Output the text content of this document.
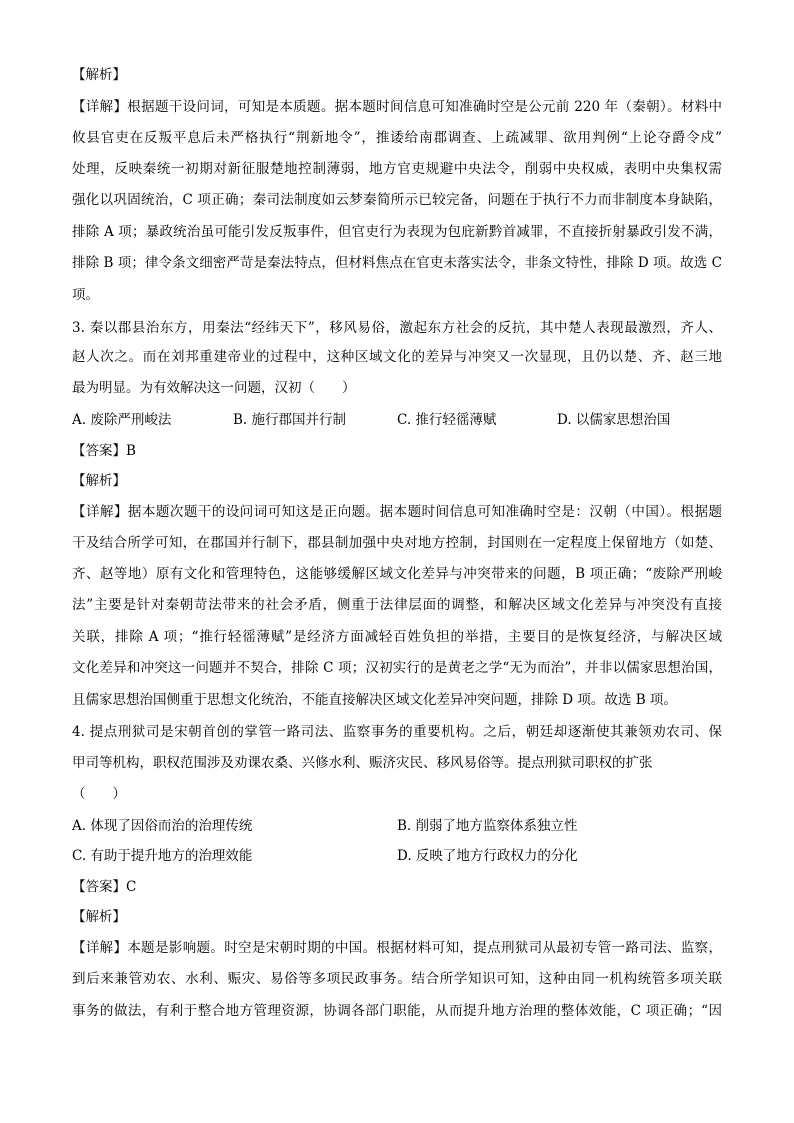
【解析】
【详解】根据题干设问词，可知是本质题。据本题时间信息可知准确时空是公元前 220 年（秦朝）。材料中
攸县官吏在反叛平息后未严格执行“荆新地令”，推诿给南郡调查、上疏减罪、欲用判例“上论夺爵令戍”
处理，反映秦统一初期对新征服楚地控制薄弱，地方官吏规避中央法令，削弱中央权威，表明中央集权需
强化以巩固统治，C 项正确；秦司法制度如云梦秦简所示已较完备，问题在于执行不力而非制度本身缺陷，
排除 A 项；暴政统治虽可能引发反叛事件，但官吏行为表现为包庇新黔首减罪，不直接折射暴政引发不满，
排除 B 项；律令条文细密严苛是秦法特点，但材料焦点在官吏未落实法令，非条文特性，排除 D 项。故选 C
项。
3. 秦以郡县治东方，用秦法“经纬天下”，移风易俗，激起东方社会的反抗，其中楚人表现最激烈，齐人、
赵人次之。而在刘邦重建帝业的过程中，这种区域文化的差异与冲突又一次显现，且仍以楚、齐、赵三地
最为明显。为有效解决这一问题，汉初（　　）
A. 废除严刑峻法	B. 施行郡国并行制	C. 推行轻徭薄赋	D. 以儒家思想治国
【答案】B
【解析】
【详解】据本题次题干的设问词可知这是正向题。据本题时间信息可知准确时空是：汉朝（中国）。根据题
干及结合所学可知，在郡国并行制下，郡县制加强中央对地方控制，封国则在一定程度上保留地方（如楚、
齐、赵等地）原有文化和管理特色，这能够缓解区域文化差异与冲突带来的问题，B 项正确；“废除严刑峻
法”主要是针对秦朝苛法带来的社会矛盾，侧重于法律层面的调整，和解决区域文化差异与冲突没有直接
关联，排除 A 项；“推行轻徭薄赋”是经济方面减轻百姓负担的举措，主要目的是恢复经济，与解决区域
文化差异和冲突这一问题并不契合，排除 C 项；汉初实行的是黄老之学“无为而治”，并非以儒家思想治国，
且儒家思想治国侧重于思想文化统治，不能直接解决区域文化差异冲突问题，排除 D 项。故选 B 项。
4. 提点刑狱司是宋朝首创的掌管一路司法、监察事务的重要机构。之后，朝廷却逐渐使其兼领劝农司、保
甲司等机构，职权范围涉及劝课农桑、兴修水利、赈济灾民、移风易俗等。提点刑狱司职权的扩张
（　　）
A. 体现了因俗而治的治理传统	B. 削弱了地方监察体系独立性
C. 有助于提升地方的治理效能	D. 反映了地方行政权力的分化
【答案】C
【解析】
【详解】本题是影响题。时空是宋朝时期的中国。根据材料可知，提点刑狱司从最初专管一路司法、监察，
到后来兼管劝农、水利、赈灾、易俗等多项民政事务。结合所学知识可知，这种由同一机构统管多项关联
事务的做法，有利于整合地方管理资源，协调各部门职能，从而提升地方治理的整体效能，C 项正确；“因
